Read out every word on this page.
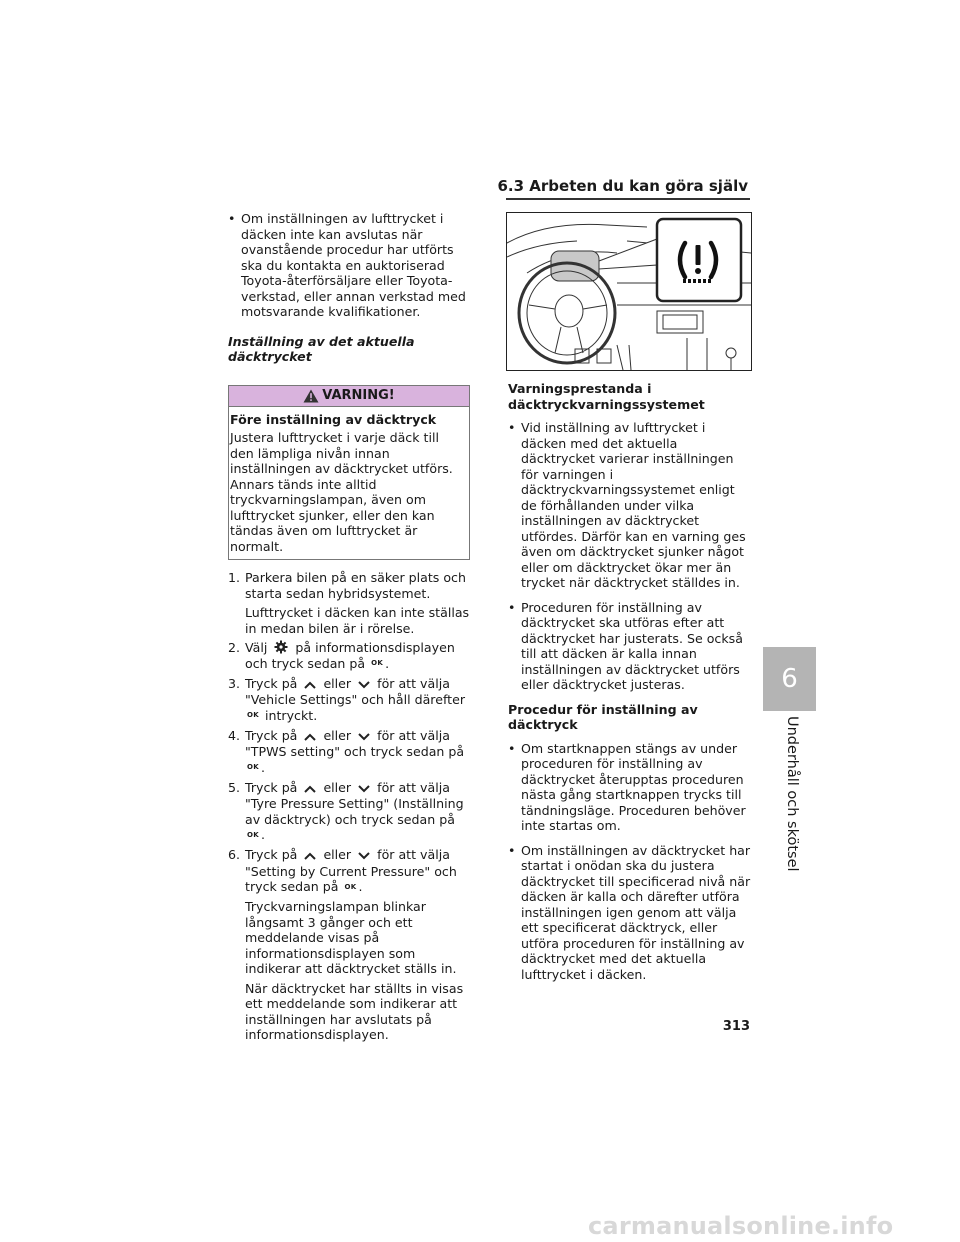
6.3 Arbeten du kan göra själv
• Om inställningen av lufttrycket i däcken inte kan avslutas när ovanstående procedur har utförts ska du kontakta en auktoriserad Toyota-återförsäljare eller Toyota-verkstad, eller annan verkstad med motsvarande kvalifikationer.
Inställning av det aktuella däcktrycket
VARNING!
Före inställning av däcktryck
Justera lufttrycket i varje däck till den lämpliga nivån innan inställningen av däcktrycket utförs. Annars tänds inte alltid tryckvarningslampan, även om lufttrycket sjunker, eller den kan tändas även om lufttrycket är normalt.
1. Parkera bilen på en säker plats och starta sedan hybridsystemet.

Lufttrycket i däcken kan inte ställas in medan bilen är i rörelse.

2. Välj på informationsdisplayen och tryck sedan på OK .

3. Tryck på eller för att välja "Vehicle Settings" och håll därefter OK intryckt.

4. Tryck på eller för att välja "TPWS setting" och tryck sedan på OK .

5. Tryck på eller för att välja "Tyre Pressure Setting" (Inställning av däcktryck) och tryck sedan på OK .

6. Tryck på eller för att välja "Setting by Current Pressure" och tryck sedan på OK .

Tryckvarningslampan blinkar långsamt 3 gånger och ett meddelande visas på informationsdisplayen som indikerar att däcktrycket ställs in.

När däcktrycket har ställts in visas ett meddelande som indikerar att inställningen har avslutats på informationsdisplayen.

Varningsprestanda i däcktryckvarningssystemet
• Vid inställning av lufttrycket i däcken med det aktuella däcktrycket varierar inställningen för varningen i däcktryckvarningssystemet enligt de förhållanden under vilka inställningen av däcktrycket utfördes. Därför kan en varning ges även om däcktrycket sjunker något eller om däcktrycket ökar mer än trycket när däcktrycket ställdes in.
• Proceduren för inställning av däcktrycket ska utföras efter att däcktrycket har justerats. Se också till att däcken är kalla innan inställningen av däcktrycket utförs eller däcktrycket justeras.
Procedur för inställning av däcktryck
• Om startknappen stängs av under proceduren för inställning av däcktrycket återupptas proceduren nästa gång startknappen trycks till tändningsläge. Proceduren behöver inte startas om.
• Om inställningen av däcktrycket har startat i onödan ska du justera däcktrycket till specificerad nivå när däcken är kalla och därefter utföra inställningen igen genom att välja ett specificerat däcktryck, eller utföra proceduren för inställning av däcktrycket med det aktuella lufttrycket i däcken.
6
Underhåll och skötsel
313
carmanualsonline.info
